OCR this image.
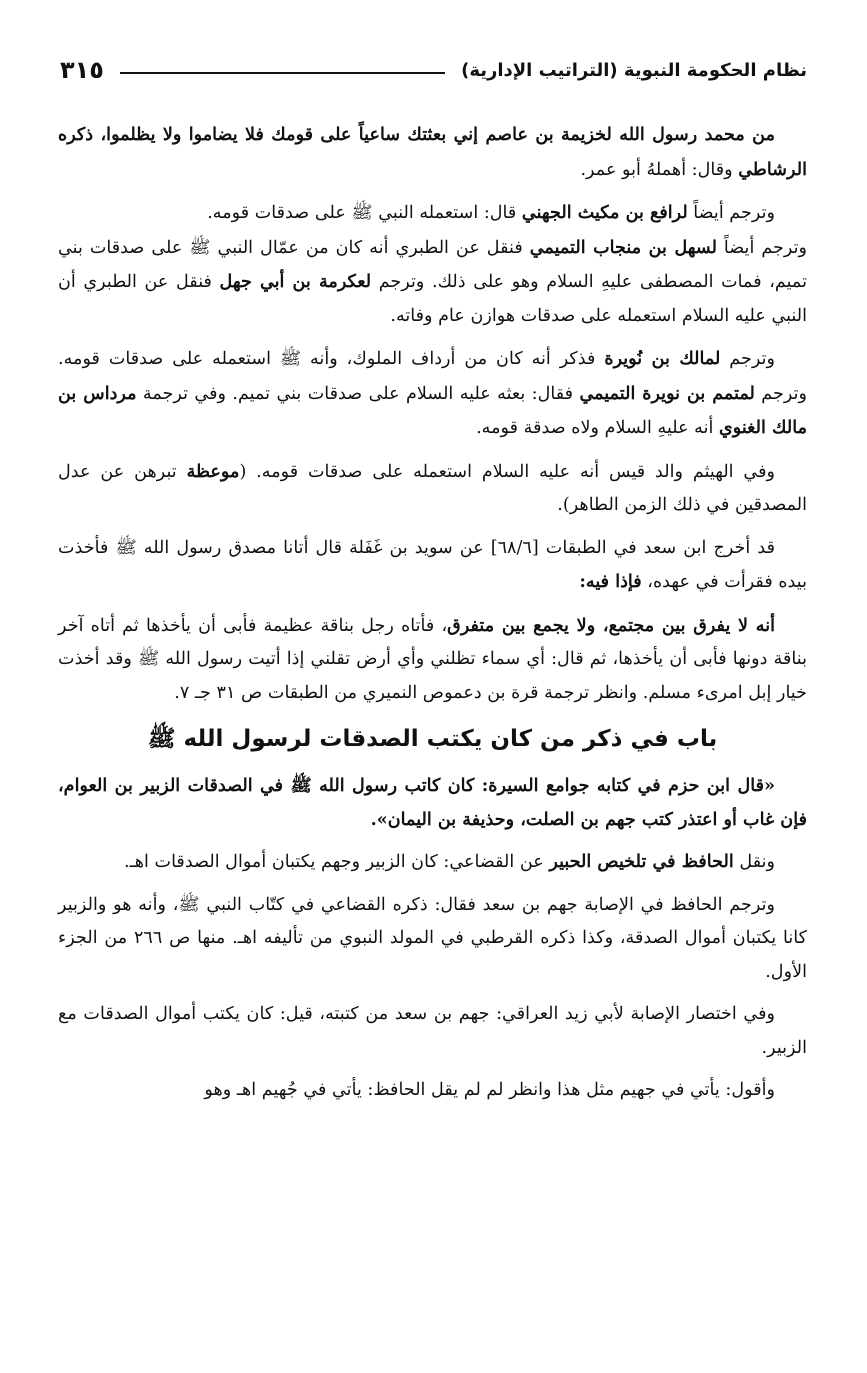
نظام الحكومة النبوية (التراتيب الإدارية)
٣١٥

من محمد رسول الله لخزيمة بن عاصم إني بعثتك ساعياً على قومك فلا يضاموا ولا يظلموا، ذكره الرشاطي وقال: أهملهُ أبو عمر.

وترجم أيضاً لرافع بن مكيث الجهني قال: استعمله النبي ﷺ على صدقات قومه.
وترجم أيضاً لسهل بن منجاب التميمي فنقل عن الطبري أنه كان من عمّال النبي ﷺ على صدقات بني تميم، فمات المصطفى عليهِ السلام وهو على ذلك. وترجم لعكرمة بن أبي جهل فنقل عن الطبري أن النبي عليه السلام استعمله على صدقات هوازن عام وفاته.

وترجم لمالك بن نُويرة فذكر أنه كان من أرداف الملوك، وأنه ﷺ استعمله على صدقات قومه. وترجم لمتمم بن نويرة التميمي فقال: بعثه عليه السلام على صدقات بني تميم. وفي ترجمة مرداس بن مالك الغنوي أنه عليهِ السلام ولاه صدقة قومه.

وفي الهيثم والد قيس أنه عليه السلام استعمله على صدقات قومه. (موعظة تبرهن عن عدل المصدقين في ذلك الزمن الطاهر).

قد أخرج ابن سعد في الطبقات [٦٨/٦] عن سويد بن غَفَلة قال أتانا مصدق رسول الله ﷺ فأخذت بيده فقرأت في عهده، فإذا فيه:

أنه لا يفرق بين مجتمع، ولا يجمع بين متفرق، فأتاه رجل بناقة عظيمة فأبى أن يأخذها ثم أتاه آخر بناقة دونها فأبى أن يأخذها، ثم قال: أي سماء تظلني وأي أرض تقلني إذا أتيت رسول الله ﷺ وقد أخذت خيار إبل امرىء مسلم. وانظر ترجمة قرة بن دعموص النميري من الطبقات ص ٣١ جـ ٧.

باب في ذكر من كان يكتب الصدقات لرسول الله ﷺ

«قال ابن حزم في كتابه جوامع السيرة: كان كاتب رسول الله ﷺ في الصدقات الزبير بن العوام، فإن غاب أو اعتذر كتب جهم بن الصلت، وحذيفة بن اليمان».

ونقل الحافظ في تلخيص الحبير عن القضاعي: كان الزبير وجهم يكتبان أموال الصدقات اهـ.

وترجم الحافظ في الإصابة جهم بن سعد فقال: ذكره القضاعي في كتّاب النبي ﷺ، وأنه هو والزبير كانا يكتبان أموال الصدقة، وكذا ذكره القرطبي في المولد النبوي من تأليفه اهـ. منها ص ٢٦٦ من الجزء الأول.

وفي اختصار الإصابة لأبي زيد العراقي: جهم بن سعد من كتبته، قيل: كان يكتب أموال الصدقات مع الزبير.

وأقول: يأتي في جهيم مثل هذا وانظر لم لم يقل الحافظ: يأتي في جُهيم اهـ وهو
